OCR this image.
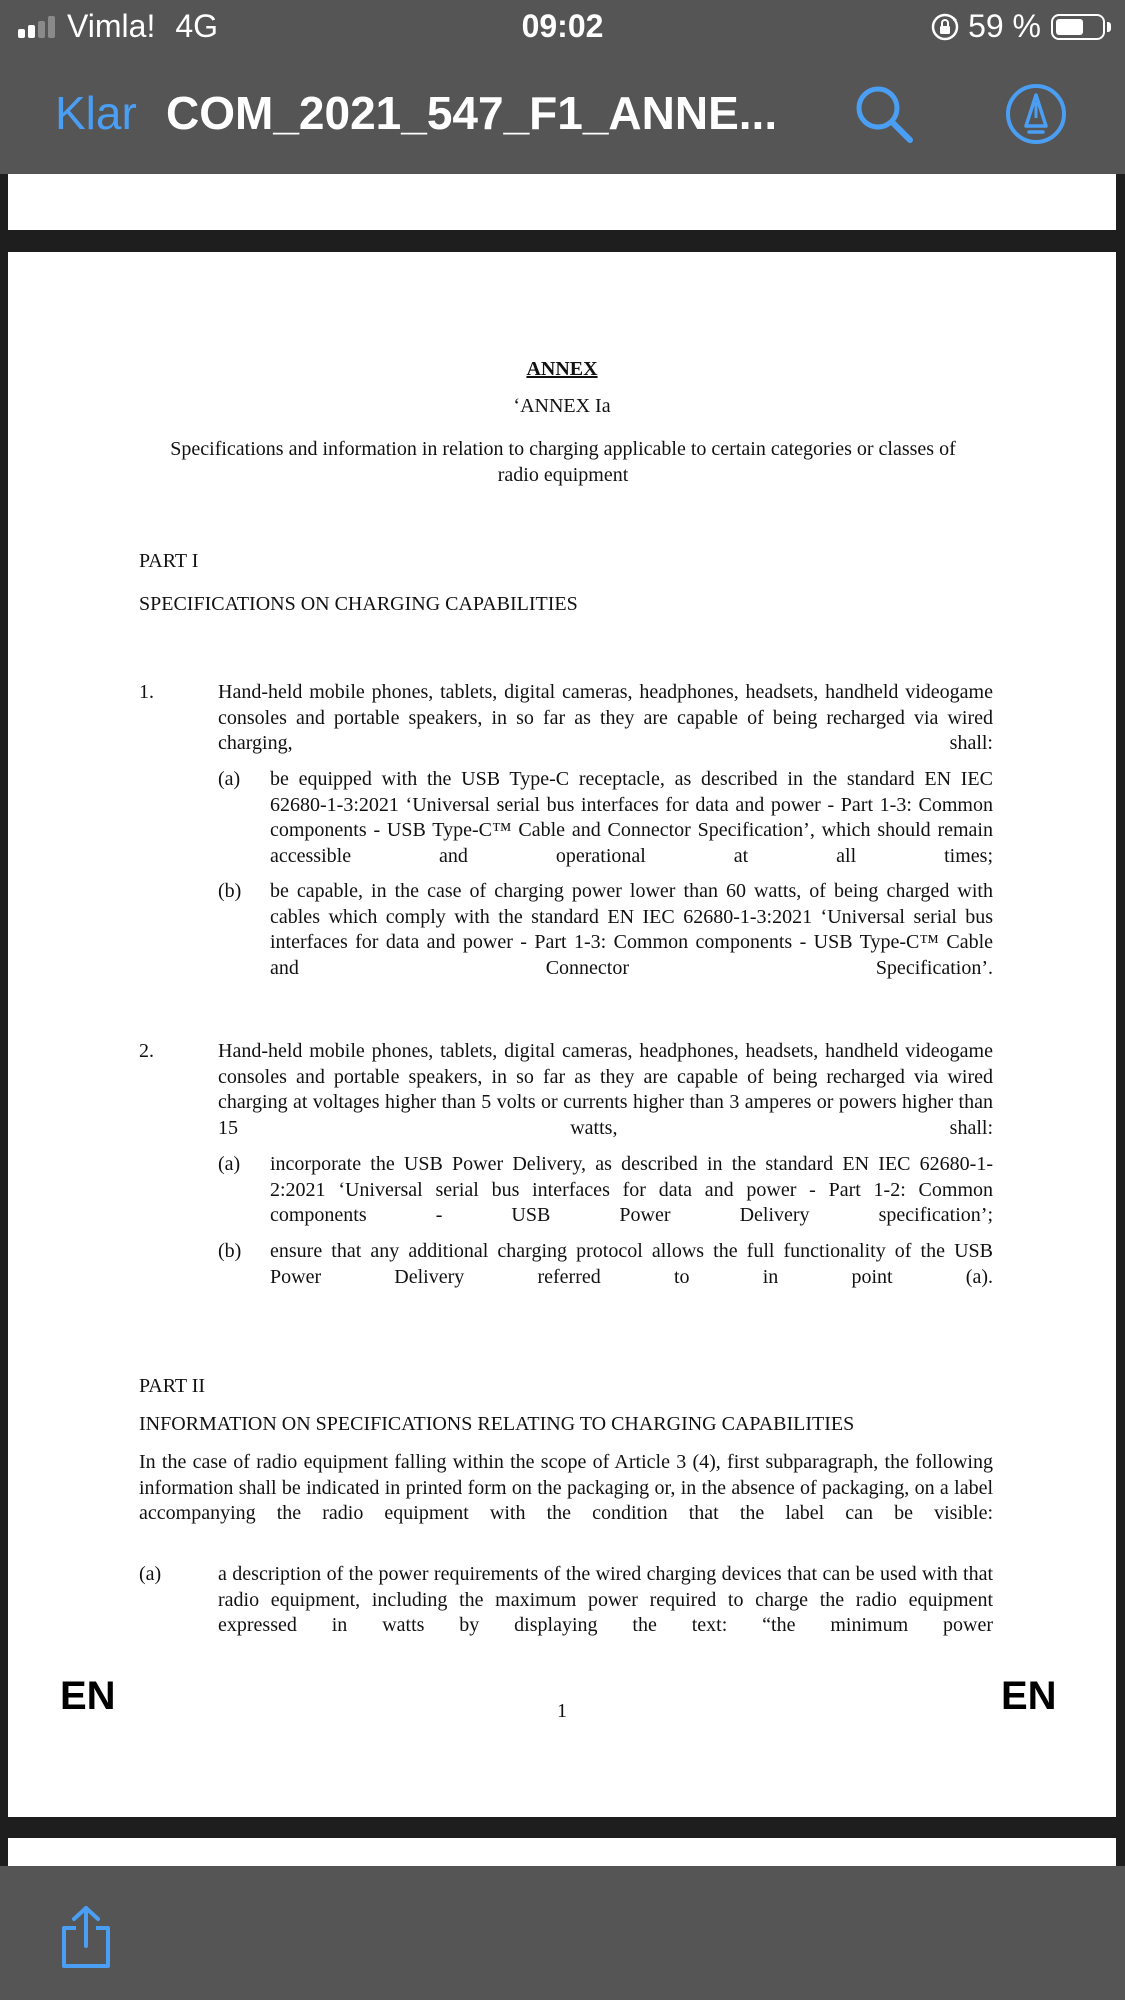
Vimla! 4G	09:02	59 %
Klar COM_2021_547_F1_ANNE...
ANNEX
‘ANNEX Ia
Specifications and information in relation to charging applicable to certain categories or classes of radio equipment
PART I
SPECIFICATIONS ON CHARGING CAPABILITIES
1.	Hand-held mobile phones, tablets, digital cameras, headphones, headsets, handheld videogame consoles and portable speakers, in so far as they are capable of being recharged via wired charging, shall:
(a) be equipped with the USB Type-C receptacle, as described in the standard EN IEC 62680-1-3:2021 ‘Universal serial bus interfaces for data and power - Part 1-3: Common components - USB Type-C™ Cable and Connector Specification’, which should remain accessible and operational at all times;
(b) be capable, in the case of charging power lower than 60 watts, of being charged with cables which comply with the standard EN IEC 62680-1-3:2021 ‘Universal serial bus interfaces for data and power - Part 1-3: Common components - USB Type-C™ Cable and Connector Specification’.
2.	Hand-held mobile phones, tablets, digital cameras, headphones, headsets, handheld videogame consoles and portable speakers, in so far as they are capable of being recharged via wired charging at voltages higher than 5 volts or currents higher than 3 amperes or powers higher than 15 watts, shall:
(a) incorporate the USB Power Delivery, as described in the standard EN IEC 62680-1-2:2021 ‘Universal serial bus interfaces for data and power - Part 1-2: Common components - USB Power Delivery specification’;
(b) ensure that any additional charging protocol allows the full functionality of the USB Power Delivery referred to in point (a).
PART II
INFORMATION ON SPECIFICATIONS RELATING TO CHARGING CAPABILITIES
In the case of radio equipment falling within the scope of Article 3 (4), first subparagraph, the following information shall be indicated in printed form on the packaging or, in the absence of packaging, on a label accompanying the radio equipment with the condition that the label can be visible:
(a)	a description of the power requirements of the wired charging devices that can be used with that radio equipment, including the maximum power required to charge the radio equipment expressed in watts by displaying the text: “the minimum power
EN	1	EN
